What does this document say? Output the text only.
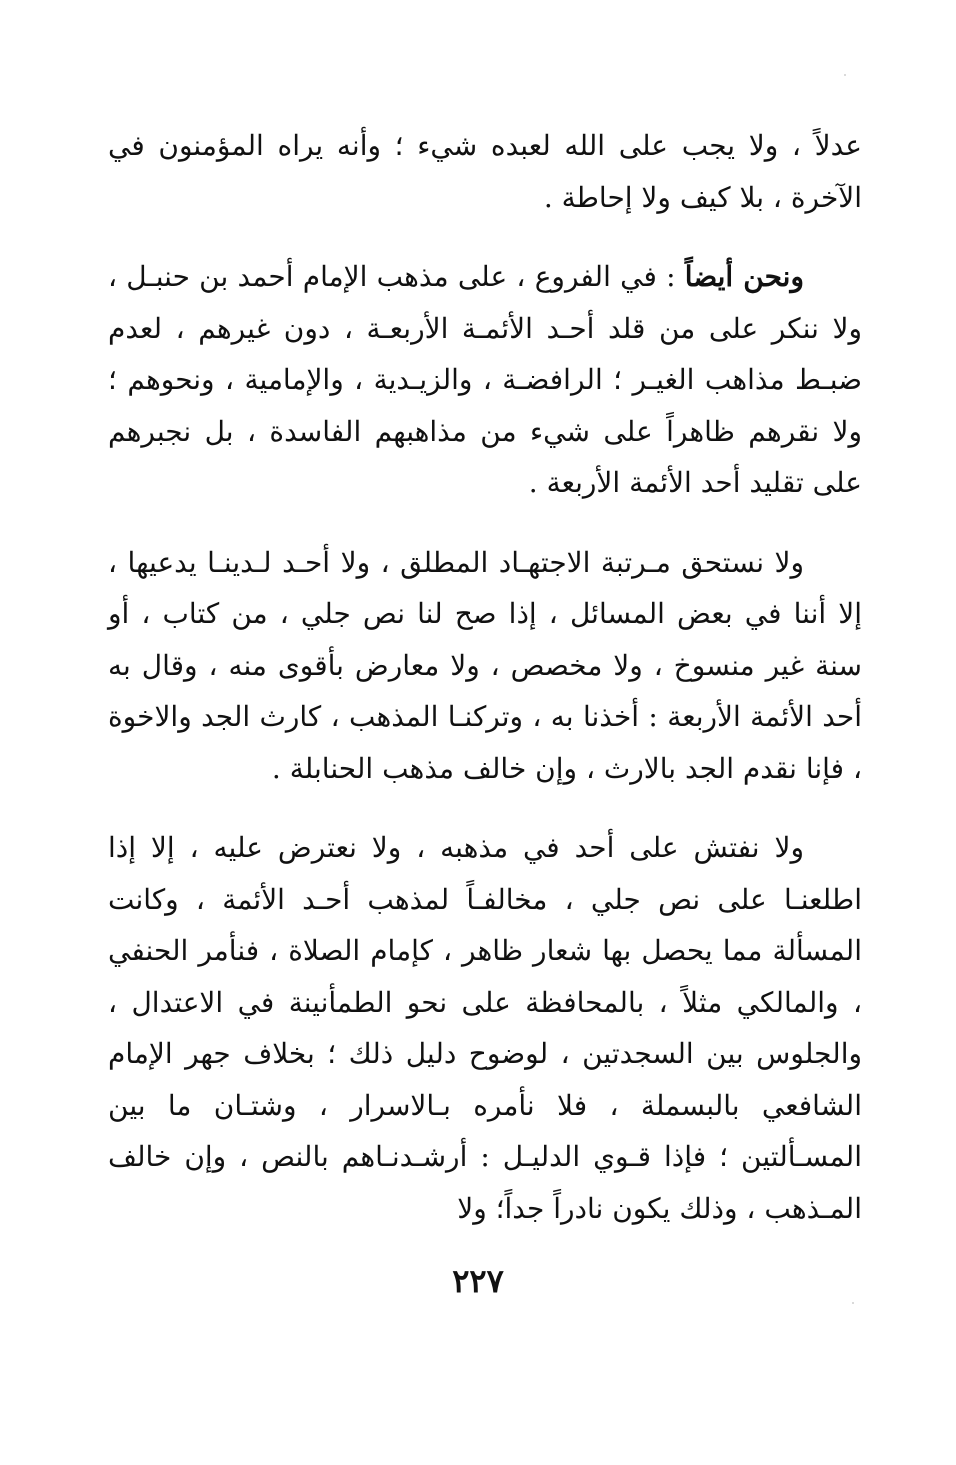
عدلاً ، ولا يجب على الله لعبده شيء ؛ وأنه يراه المؤمنون في الآخرة ، بلا كيف ولا إحاطة .

ونحن أيضاً : في الفروع ، على مذهب الإمام أحمد بن حنبـل ، ولا ننكر على من قلد أحـد الأئمـة الأربعـة ، دون غيرهم ، لعدم ضبـط مذاهب الغيـر ؛ الرافضـة ، والزيـدية ، والإمامية ، ونحوهم ؛ ولا نقرهم ظاهراً على شيء من مذاهبهم الفاسدة ، بل نجبرهم على تقليد أحد الأئمة الأربعة .

ولا نستحق مـرتبة الاجتهـاد المطلق ، ولا أحـد لـدينـا يدعيها ، إلا أننا في بعض المسائل ، إذا صح لنا نص جلي ، من كتاب ، أو سنة غير منسوخ ، ولا مخصص ، ولا معارض بأقوى منه ، وقال به أحد الأئمة الأربعة : أخذنا به ، وتركنـا المذهب ، كارث الجد والاخوة ، فإنا نقدم الجد بالارث ، وإن خالف مذهب الحنابلة .

ولا نفتش على أحد في مذهبه ، ولا نعترض عليه ، إلا إذا اطلعنـا على نص جلي ، مخالفـاً لمذهب أحـد الأئمة ، وكانت المسألة مما يحصل بها شعار ظاهر ، كإمام الصلاة ، فنأمر الحنفي ، والمالكي مثلاً ، بالمحافظة على نحو الطمأنينة في الاعتدال ، والجلوس بين السجدتين ، لوضوح دليل ذلك ؛ بخلاف جهر الإمام الشافعي بالبسملة ، فلا نأمره بـالاسرار ، وشتـان ما بين المسـألتين ؛ فإذا قـوي الدليـل : أرشـدنـاهم بالنص ، وإن خالف المـذهب ، وذلك يكون نادراً جداً؛ ولا

٢٢٧
